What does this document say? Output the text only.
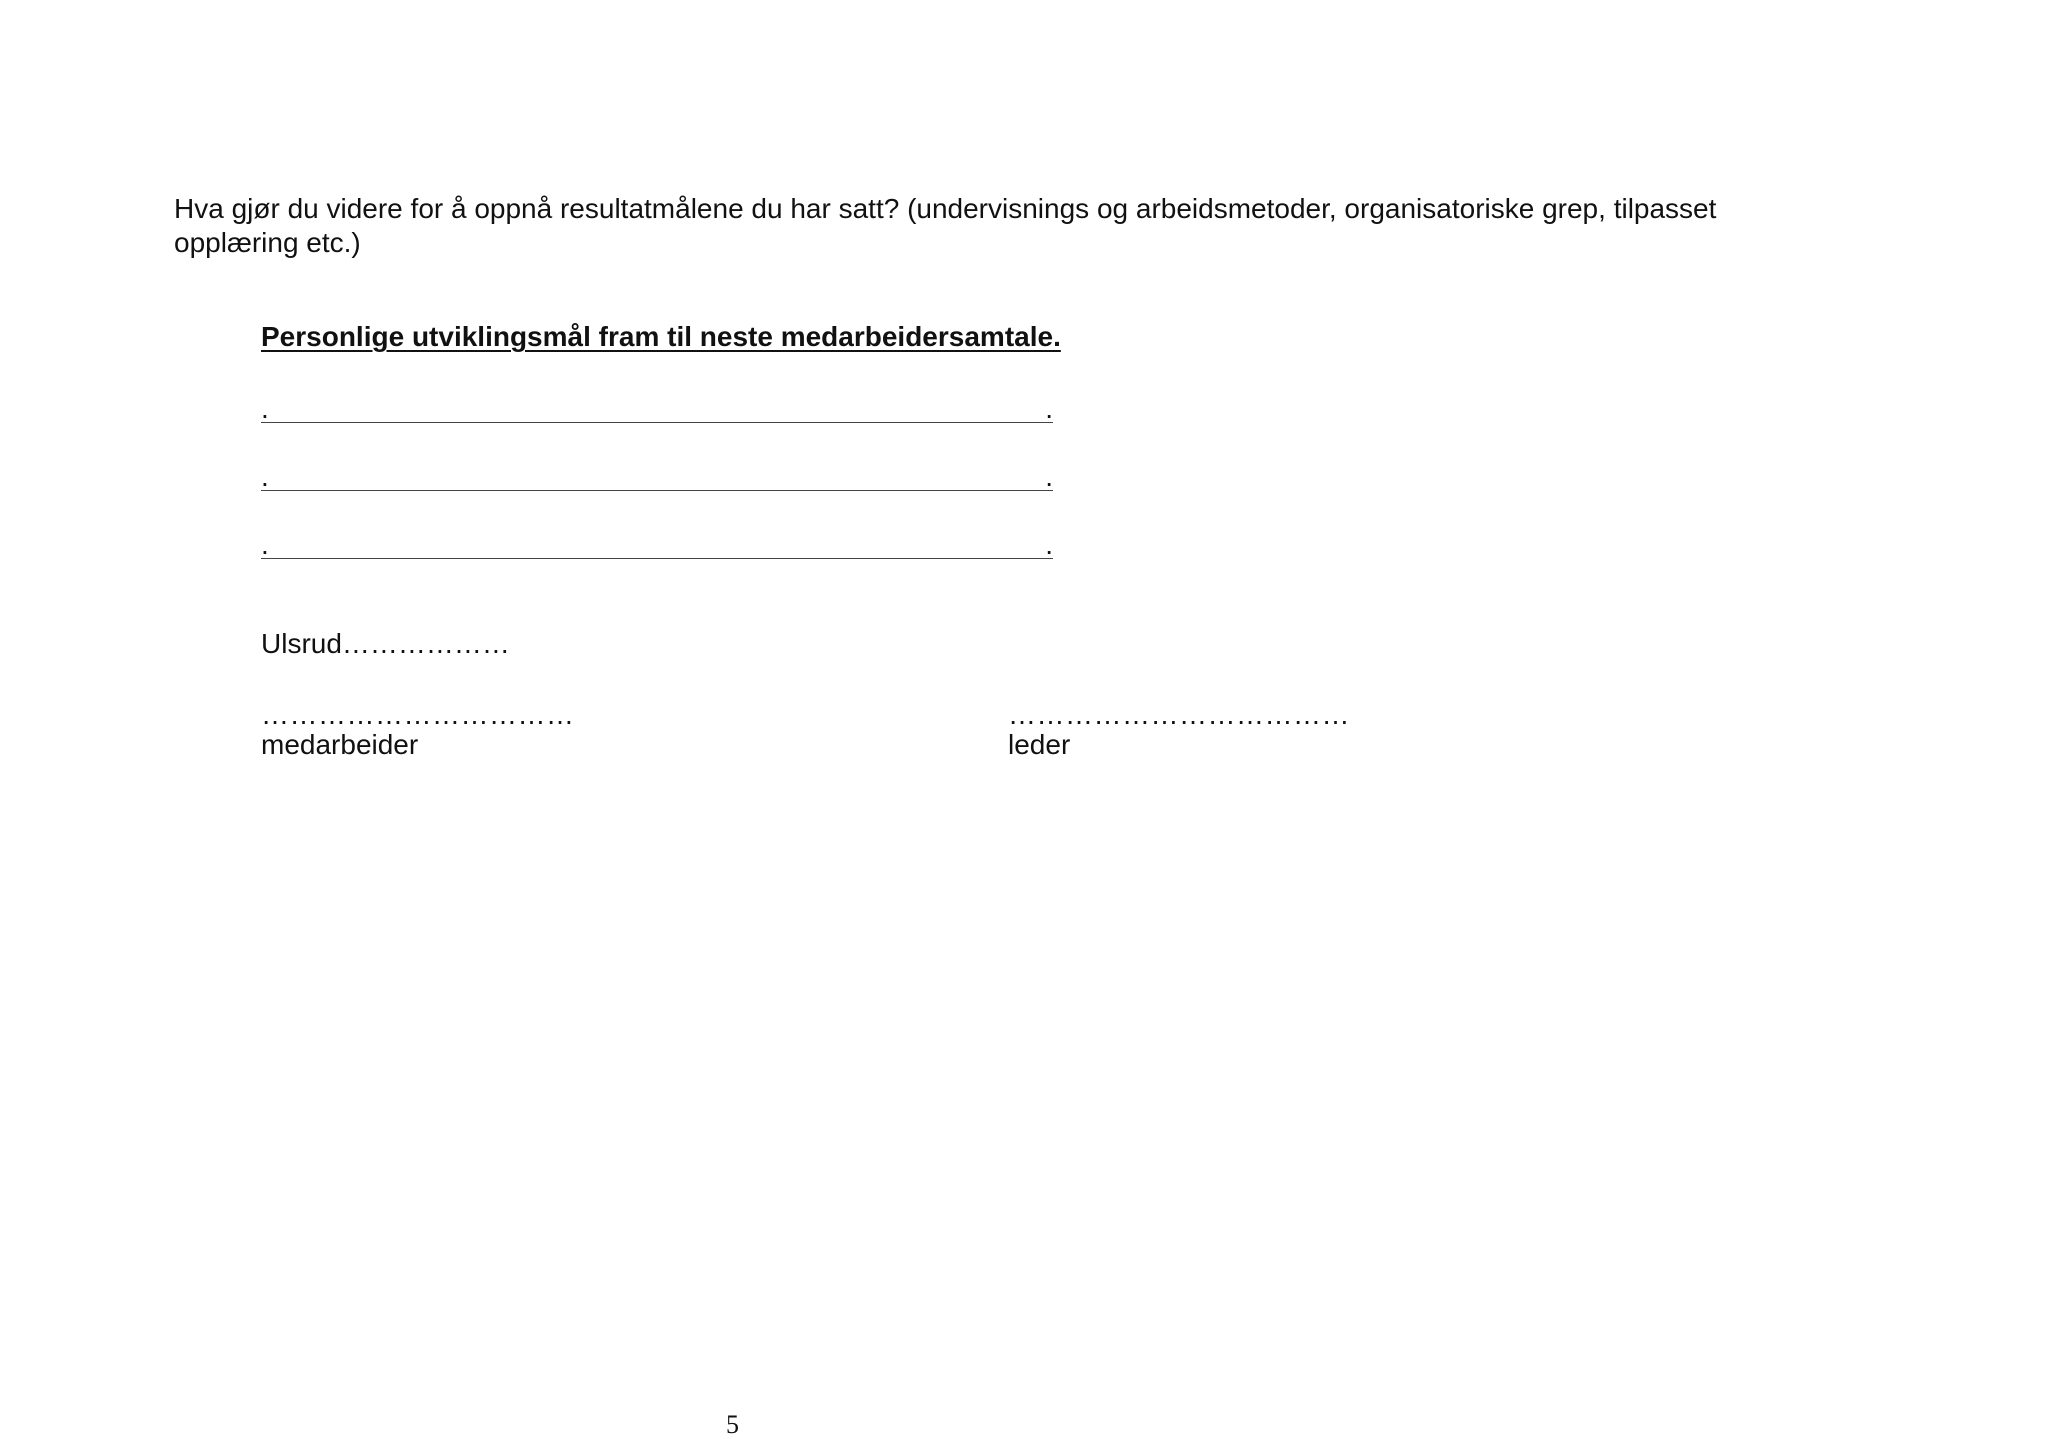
Hva gjør du videre for å oppnå resultatmålene du har satt? (undervisnings og arbeidsmetoder, organisatoriske grep, tilpasset opplæring etc.)

Personlige utviklingsmål fram til neste medarbeidersamtale.

.	.
.	.
.	.
Ulsrud………………
……………………………
medarbeider
………………………………
leder
5
